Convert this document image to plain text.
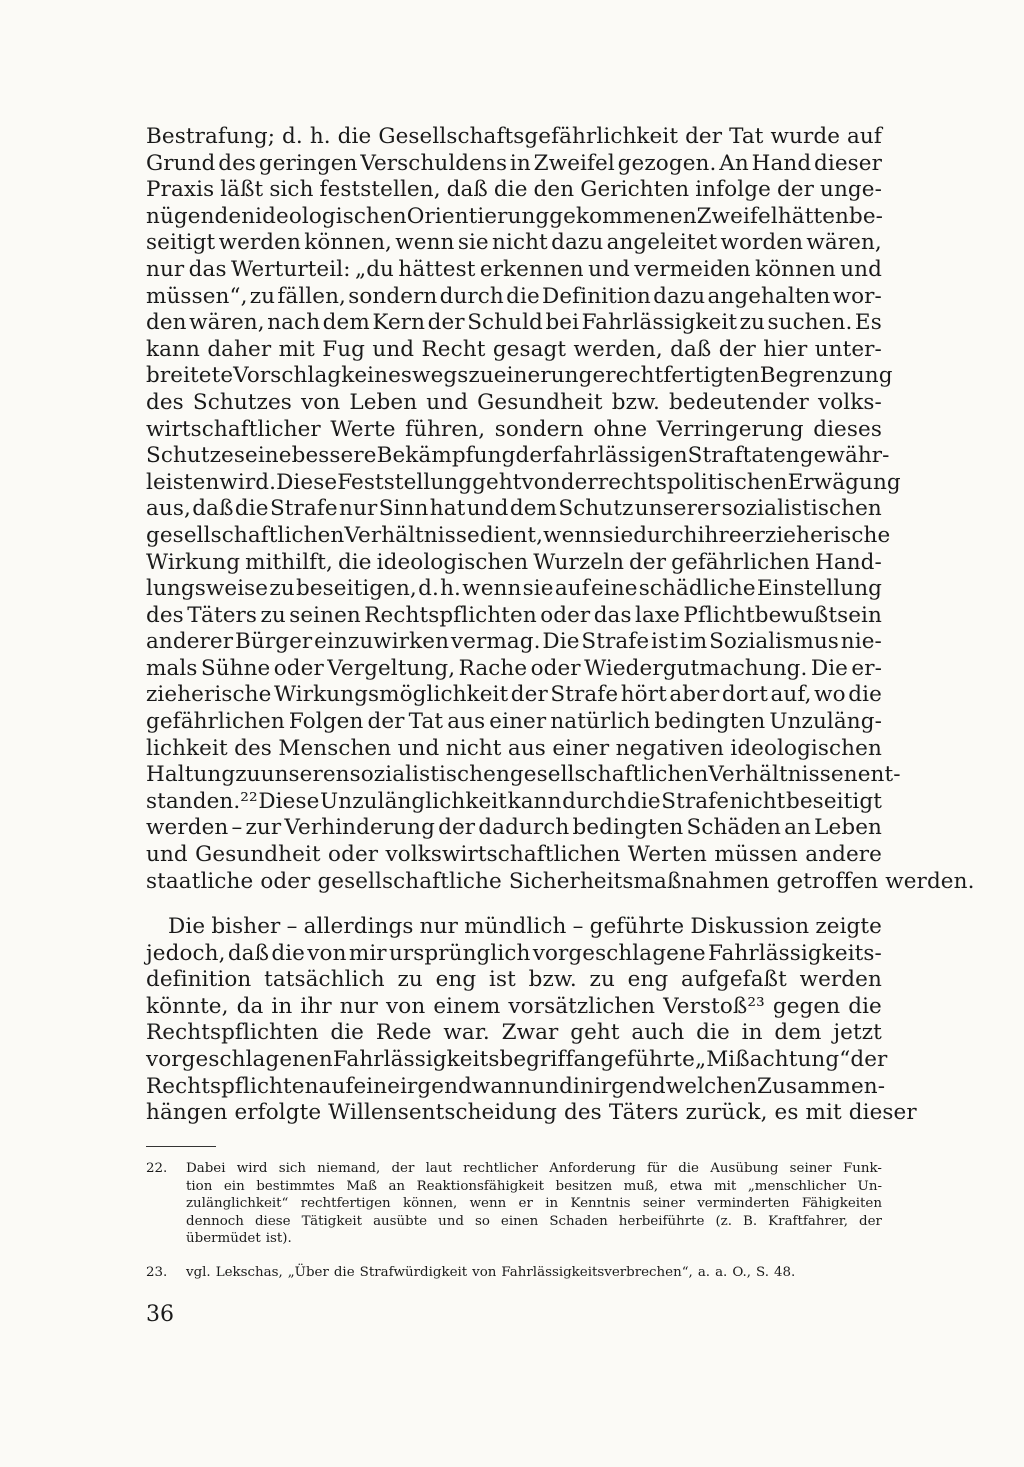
Bestrafung; d. h. die Gesellschaftsgefährlichkeit der Tat wurde auf
Grund des geringen Verschuldens in Zweifel gezogen. An Hand dieser
Praxis läßt sich feststellen, daß die den Gerichten infolge der unge-
nügenden ideologischen Orientierung gekommenen Zweifel hätten be-
seitigt werden können, wenn sie nicht dazu angeleitet worden wären,
nur das Werturteil: „du hättest erkennen und vermeiden können und
müssen“, zu fällen, sondern durch die Definition dazu angehalten wor-
den wären, nach dem Kern der Schuld bei Fahrlässigkeit zu suchen. Es
kann daher mit Fug und Recht gesagt werden, daß der hier unter-
breitete Vorschlag keineswegs zu einer ungerechtfertigten Begrenzung
des Schutzes von Leben und Gesundheit bzw. bedeutender volks-
wirtschaftlicher Werte führen, sondern ohne Verringerung dieses
Schutzes eine bessere Bekämpfung der fahrlässigen Straftaten gewähr-
leisten wird. Diese Feststellung geht von der rechtspolitischen Erwägung
aus, daß die Strafe nur Sinn hat und dem Schutz unserer sozialistischen
gesellschaftlichen Verhältnisse dient, wenn sie durch ihre erzieherische
Wirkung mithilft, die ideologischen Wurzeln der gefährlichen Hand-
lungsweise zu beseitigen, d. h. wenn sie auf eine schädliche Einstellung
des Täters zu seinen Rechtspflichten oder das laxe Pflichtbewußtsein
anderer Bürger einzuwirken vermag. Die Strafe ist im Sozialismus nie-
mals Sühne oder Vergeltung, Rache oder Wiedergutmachung. Die er-
zieherische Wirkungsmöglichkeit der Strafe hört aber dort auf, wo die
gefährlichen Folgen der Tat aus einer natürlich bedingten Unzuläng-
lichkeit des Menschen und nicht aus einer negativen ideologischen
Haltung zu unseren sozialistischen gesellschaftlichen Verhältnissen ent-
standen.²² Diese Unzulänglichkeit kann durch die Strafe nicht beseitigt
werden – zur Verhinderung der dadurch bedingten Schäden an Leben
und Gesundheit oder volkswirtschaftlichen Werten müssen andere
staatliche oder gesellschaftliche Sicherheitsmaßnahmen getroffen werden.
Die bisher – allerdings nur mündlich – geführte Diskussion zeigte
jedoch, daß die von mir ursprünglich vorgeschlagene Fahrlässigkeits-
definition tatsächlich zu eng ist bzw. zu eng aufgefaßt werden
könnte, da in ihr nur von einem vorsätzlichen Verstoß²³ gegen die
Rechtspflichten die Rede war. Zwar geht auch die in dem jetzt
vorgeschlagenen Fahrlässigkeitsbegriff angeführte „Mißachtung“ der
Rechtspflichten auf eine irgendwann und in irgendwelchen Zusammen-
hängen erfolgte Willensentscheidung des Täters zurück, es mit dieser
22.	Dabei wird sich niemand, der laut rechtlicher Anforderung für die Ausübung seiner Funk-
tion ein bestimmtes Maß an Reaktionsfähigkeit besitzen muß, etwa mit „menschlicher Un-
zulänglichkeit“ rechtfertigen können, wenn er in Kenntnis seiner verminderten Fähigkeiten
dennoch diese Tätigkeit ausübte und so einen Schaden herbeiführte (z. B. Kraftfahrer, der
übermüdet ist).
23.	vgl. Lekschas, „Über die Strafwürdigkeit von Fahrlässigkeitsverbrechen“, a. a. O., S. 48.
36
